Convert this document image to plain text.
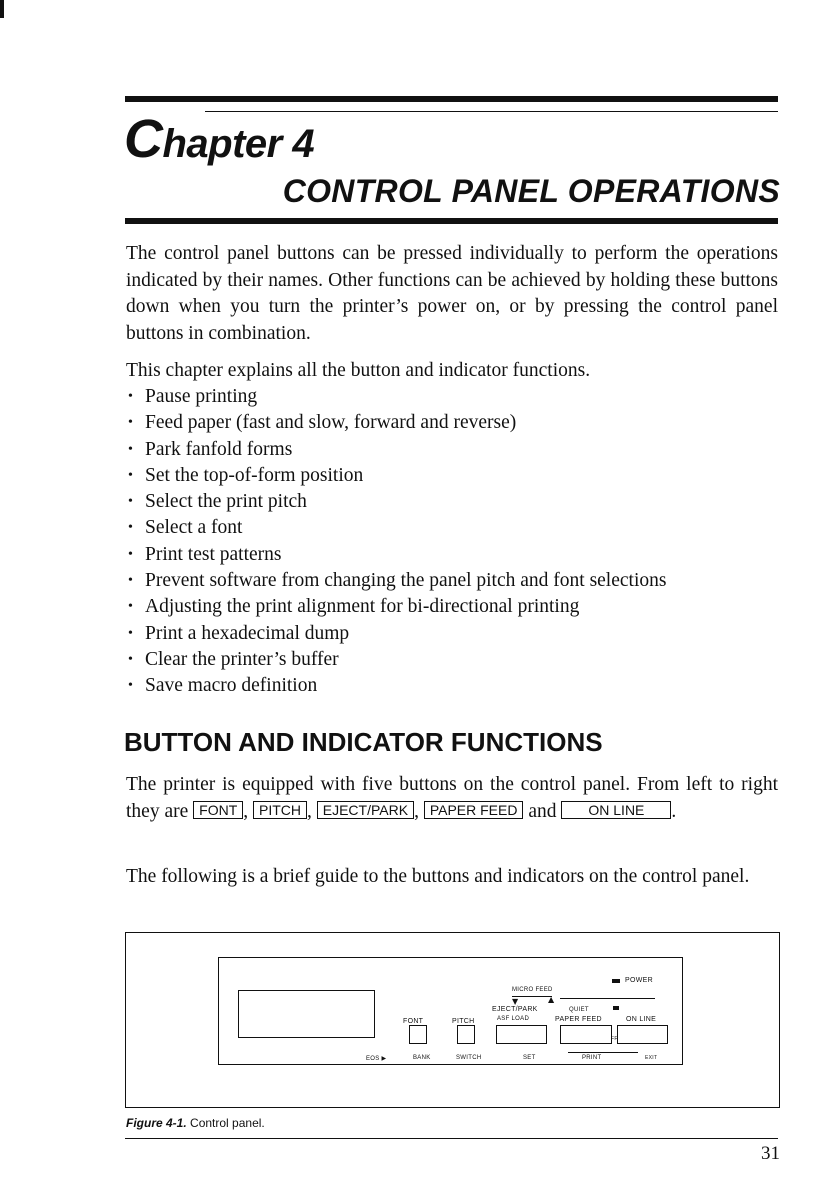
Chapter 4
CONTROL PANEL OPERATIONS
The control panel buttons can be pressed individually to perform the operations indicated by their names. Other functions can be achieved by holding these buttons down when you turn the printer’s power on, or by pressing the control panel buttons in combination.
This chapter explains all the button and indicator functions.
• Pause printing
• Feed paper (fast and slow, forward and reverse)
• Park fanfold forms
• Set the top-of-form position
• Select the print pitch
• Select a font
• Print test patterns
• Prevent software from changing the panel pitch and font selections
• Adjusting the print alignment for bi-directional printing
• Print a hexadecimal dump
• Clear the printer’s buffer
• Save macro definition
BUTTON AND INDICATOR FUNCTIONS
The printer is equipped with five buttons on the control panel. From left to right they are FONT , PITCH , EJECT/PARK , PAPER FEED and ON LINE .
The following is a brief guide to the buttons and indicators on the control panel.
POWER
MICRO FEED
▼	▲
EJECT/PARK	QUIET
FONT	PITCH	ASF LOAD	PAPER FEED	ON LINE
FF
EOS ▶	BANK	SWITCH	SET	PRINT	EXIT
Figure 4-1. Control panel.
31
